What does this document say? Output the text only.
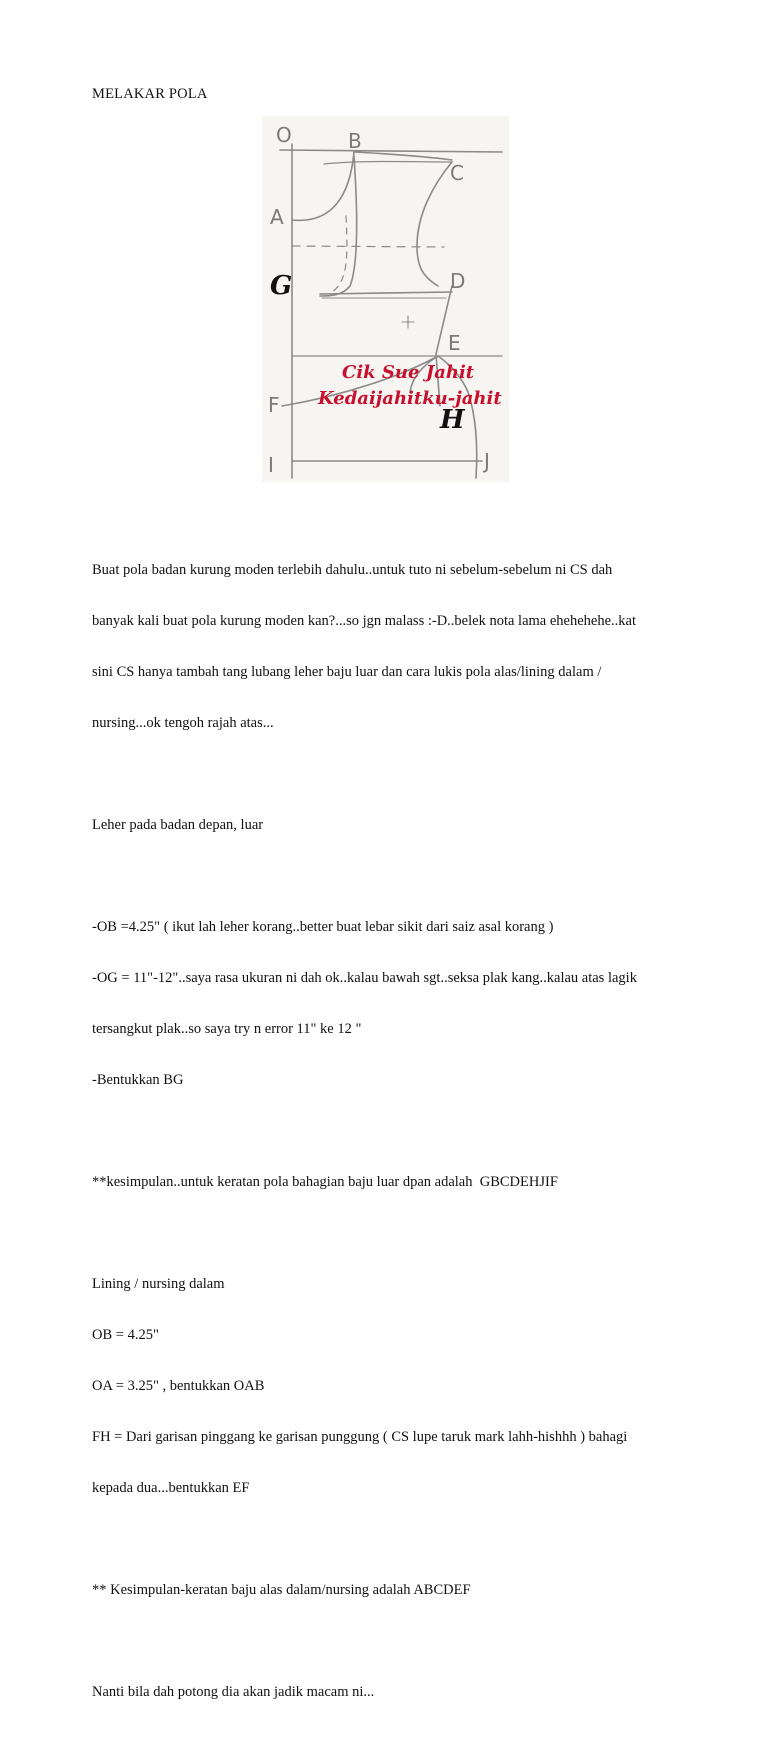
MELAKAR POLA
O	B
C
A
D
E
F
I	J
G
H
Cik Sue Jahit
Kedaijahitku-jahit

Buat pola badan kurung moden terlebih dahulu..untuk tuto ni sebelum-sebelum ni CS dah

banyak kali buat pola kurung moden kan?...so jgn malass :-D..belek nota lama ehehehehe..kat

sini CS hanya tambah tang lubang leher baju luar dan cara lukis pola alas/lining dalam /

nursing...ok tengoh rajah atas...

Leher pada badan depan, luar

-OB =4.25" ( ikut lah leher korang..better buat lebar sikit dari saiz asal korang )

-OG = 11"-12"..saya rasa ukuran ni dah ok..kalau bawah sgt..seksa plak kang..kalau atas lagik

tersangkut plak..so saya try n error 11" ke 12 "

-Bentukkan BG

**kesimpulan..untuk keratan pola bahagian baju luar dpan adalah  GBCDEHJIF

Lining / nursing dalam

OB = 4.25"

OA = 3.25" , bentukkan OAB

FH = Dari garisan pinggang ke garisan punggung ( CS lupe taruk mark lahh-hishhh ) bahagi

kepada dua...bentukkan EF

** Kesimpulan-keratan baju alas dalam/nursing adalah ABCDEF

Nanti bila dah potong dia akan jadik macam ni...
